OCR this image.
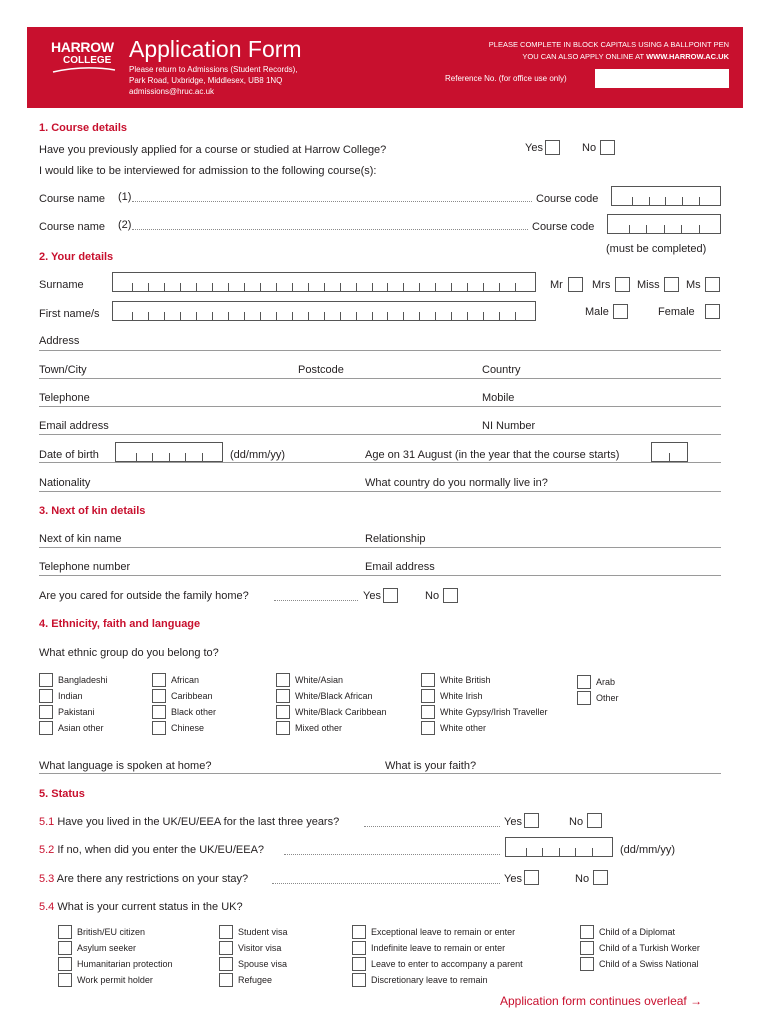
HARROW
COLLEGE Application Form
Please return to Admissions (Student Records),
Park Road, Uxbridge, Middlesex, UB8 1NQ
admissions@hruc.ac.uk
PLEASE COMPLETE IN BLOCK CAPITALS USING A BALLPOINT PEN
YOU CAN ALSO APPLY ONLINE AT WWW.HARROW.AC.UK
Reference No. (for office use only)
1. Course details
Have you previously applied for a course or studied at Harrow College?	Yes	No
I would like to be interviewed for admission to the following course(s):
Course name (1)	Course code
Course name (2)	Course code
(must be completed)
2. Your details
Surname	Mr	Mrs Miss Ms
First name/s	Male	Female
Address
Town/City	Postcode	Country
Telephone	Mobile
Email address	NI Number
Date of birth	(dd/mm/yy)	Age on 31 August (in the year that the course starts)
Nationality	What country do you normally live in?
3. Next of kin details
Next of kin name	Relationship
Telephone number	Email address
Are you cared for outside the family home?	Yes	No
4. Ethnicity, faith and language
What ethnic group do you belong to?
Bangladeshi
Indian
Pakistani
Asian other
African
Caribbean
Black other
Chinese
White/Asian
White/Black African
White/Black Caribbean
Mixed other
White British
White Irish
White Gypsy/Irish Traveller
White other
Arab
Other
What language is spoken at home?	What is your faith?
5. Status
5.1 Have you lived in the UK/EU/EEA for the last three years?	Yes	No
5.2 If no, when did you enter the UK/EU/EEA?	(dd/mm/yy)
5.3 Are there any restrictions on your stay?	Yes	No
5.4 What is your current status in the UK?
British/EU citizen
Asylum seeker
Humanitarian protection
Work permit holder
Student visa
Visitor visa
Spouse visa
Refugee
Exceptional leave to remain or enter
Indefinite leave to remain or enter
Leave to enter to accompany a parent
Discretionary leave to remain
Child of a Diplomat
Child of a Turkish Worker
Child of a Swiss National
Application form continues overleaf →
